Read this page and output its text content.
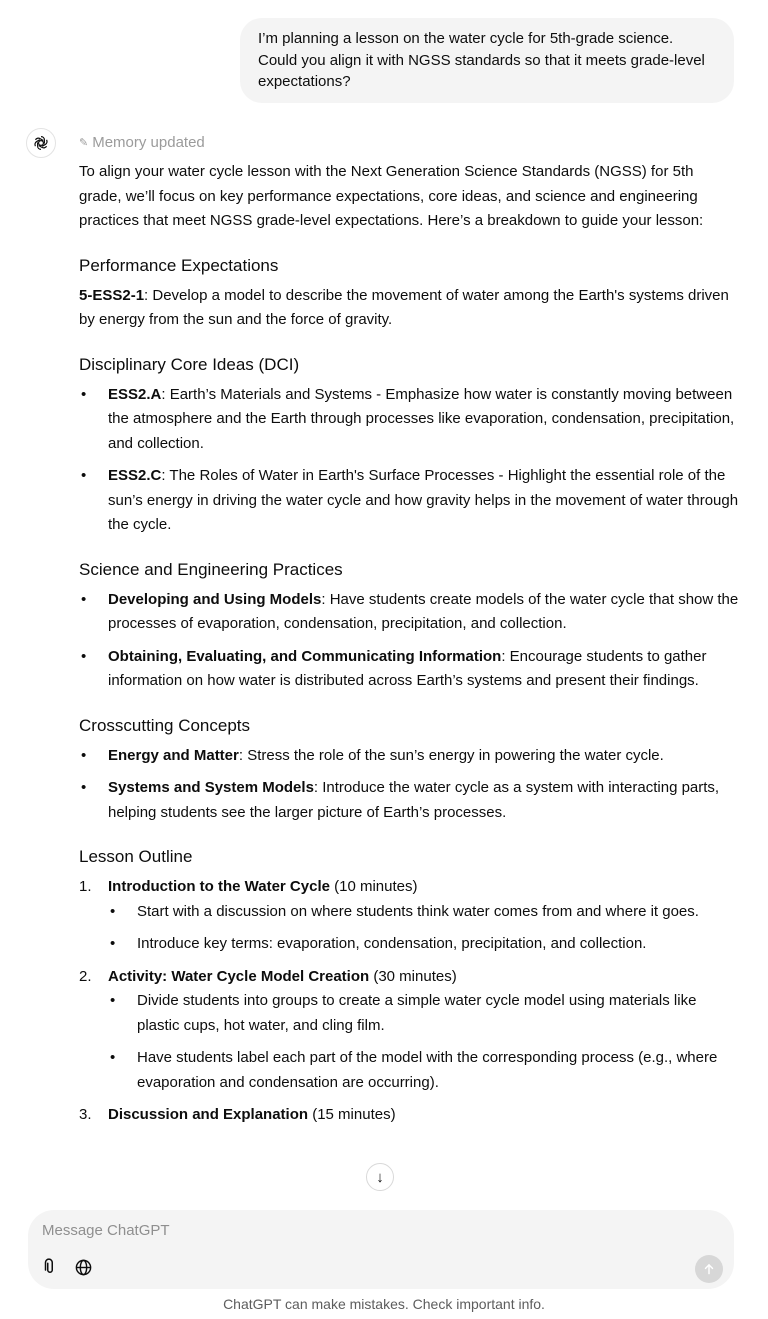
I’m planning a lesson on the water cycle for 5th-grade science. Could you align it with NGSS standards so that it meets grade-level expectations?
✎ Memory updated
To align your water cycle lesson with the Next Generation Science Standards (NGSS) for 5th grade, we’ll focus on key performance expectations, core ideas, and science and engineering practices that meet NGSS grade-level expectations. Here’s a breakdown to guide your lesson:
Performance Expectations
5-ESS2-1: Develop a model to describe the movement of water among the Earth's systems driven by energy from the sun and the force of gravity.
Disciplinary Core Ideas (DCI)
• ESS2.A: Earth’s Materials and Systems - Emphasize how water is constantly moving between the atmosphere and the Earth through processes like evaporation, condensation, precipitation, and collection.
• ESS2.C: The Roles of Water in Earth's Surface Processes - Highlight the essential role of the sun’s energy in driving the water cycle and how gravity helps in the movement of water through the cycle.
Science and Engineering Practices
• Developing and Using Models: Have students create models of the water cycle that show the processes of evaporation, condensation, precipitation, and collection.
• Obtaining, Evaluating, and Communicating Information: Encourage students to gather information on how water is distributed across Earth’s systems and present their findings.
Crosscutting Concepts
• Energy and Matter: Stress the role of the sun’s energy in powering the water cycle.
• Systems and System Models: Introduce the water cycle as a system with interacting parts, helping students see the larger picture of Earth’s processes.
Lesson Outline
1. Introduction to the Water Cycle (10 minutes)
• Start with a discussion on where students think water comes from and where it goes.
• Introduce key terms: evaporation, condensation, precipitation, and collection.
2. Activity: Water Cycle Model Creation (30 minutes)
• Divide students into groups to create a simple water cycle model using materials like plastic cups, hot water, and cling film.
• Have students label each part of the model with the corresponding process (e.g., where evaporation and condensation are occurring).
3. Discussion and Explanation (15 minutes)
↓
Message ChatGPT
ChatGPT can make mistakes. Check important info.
